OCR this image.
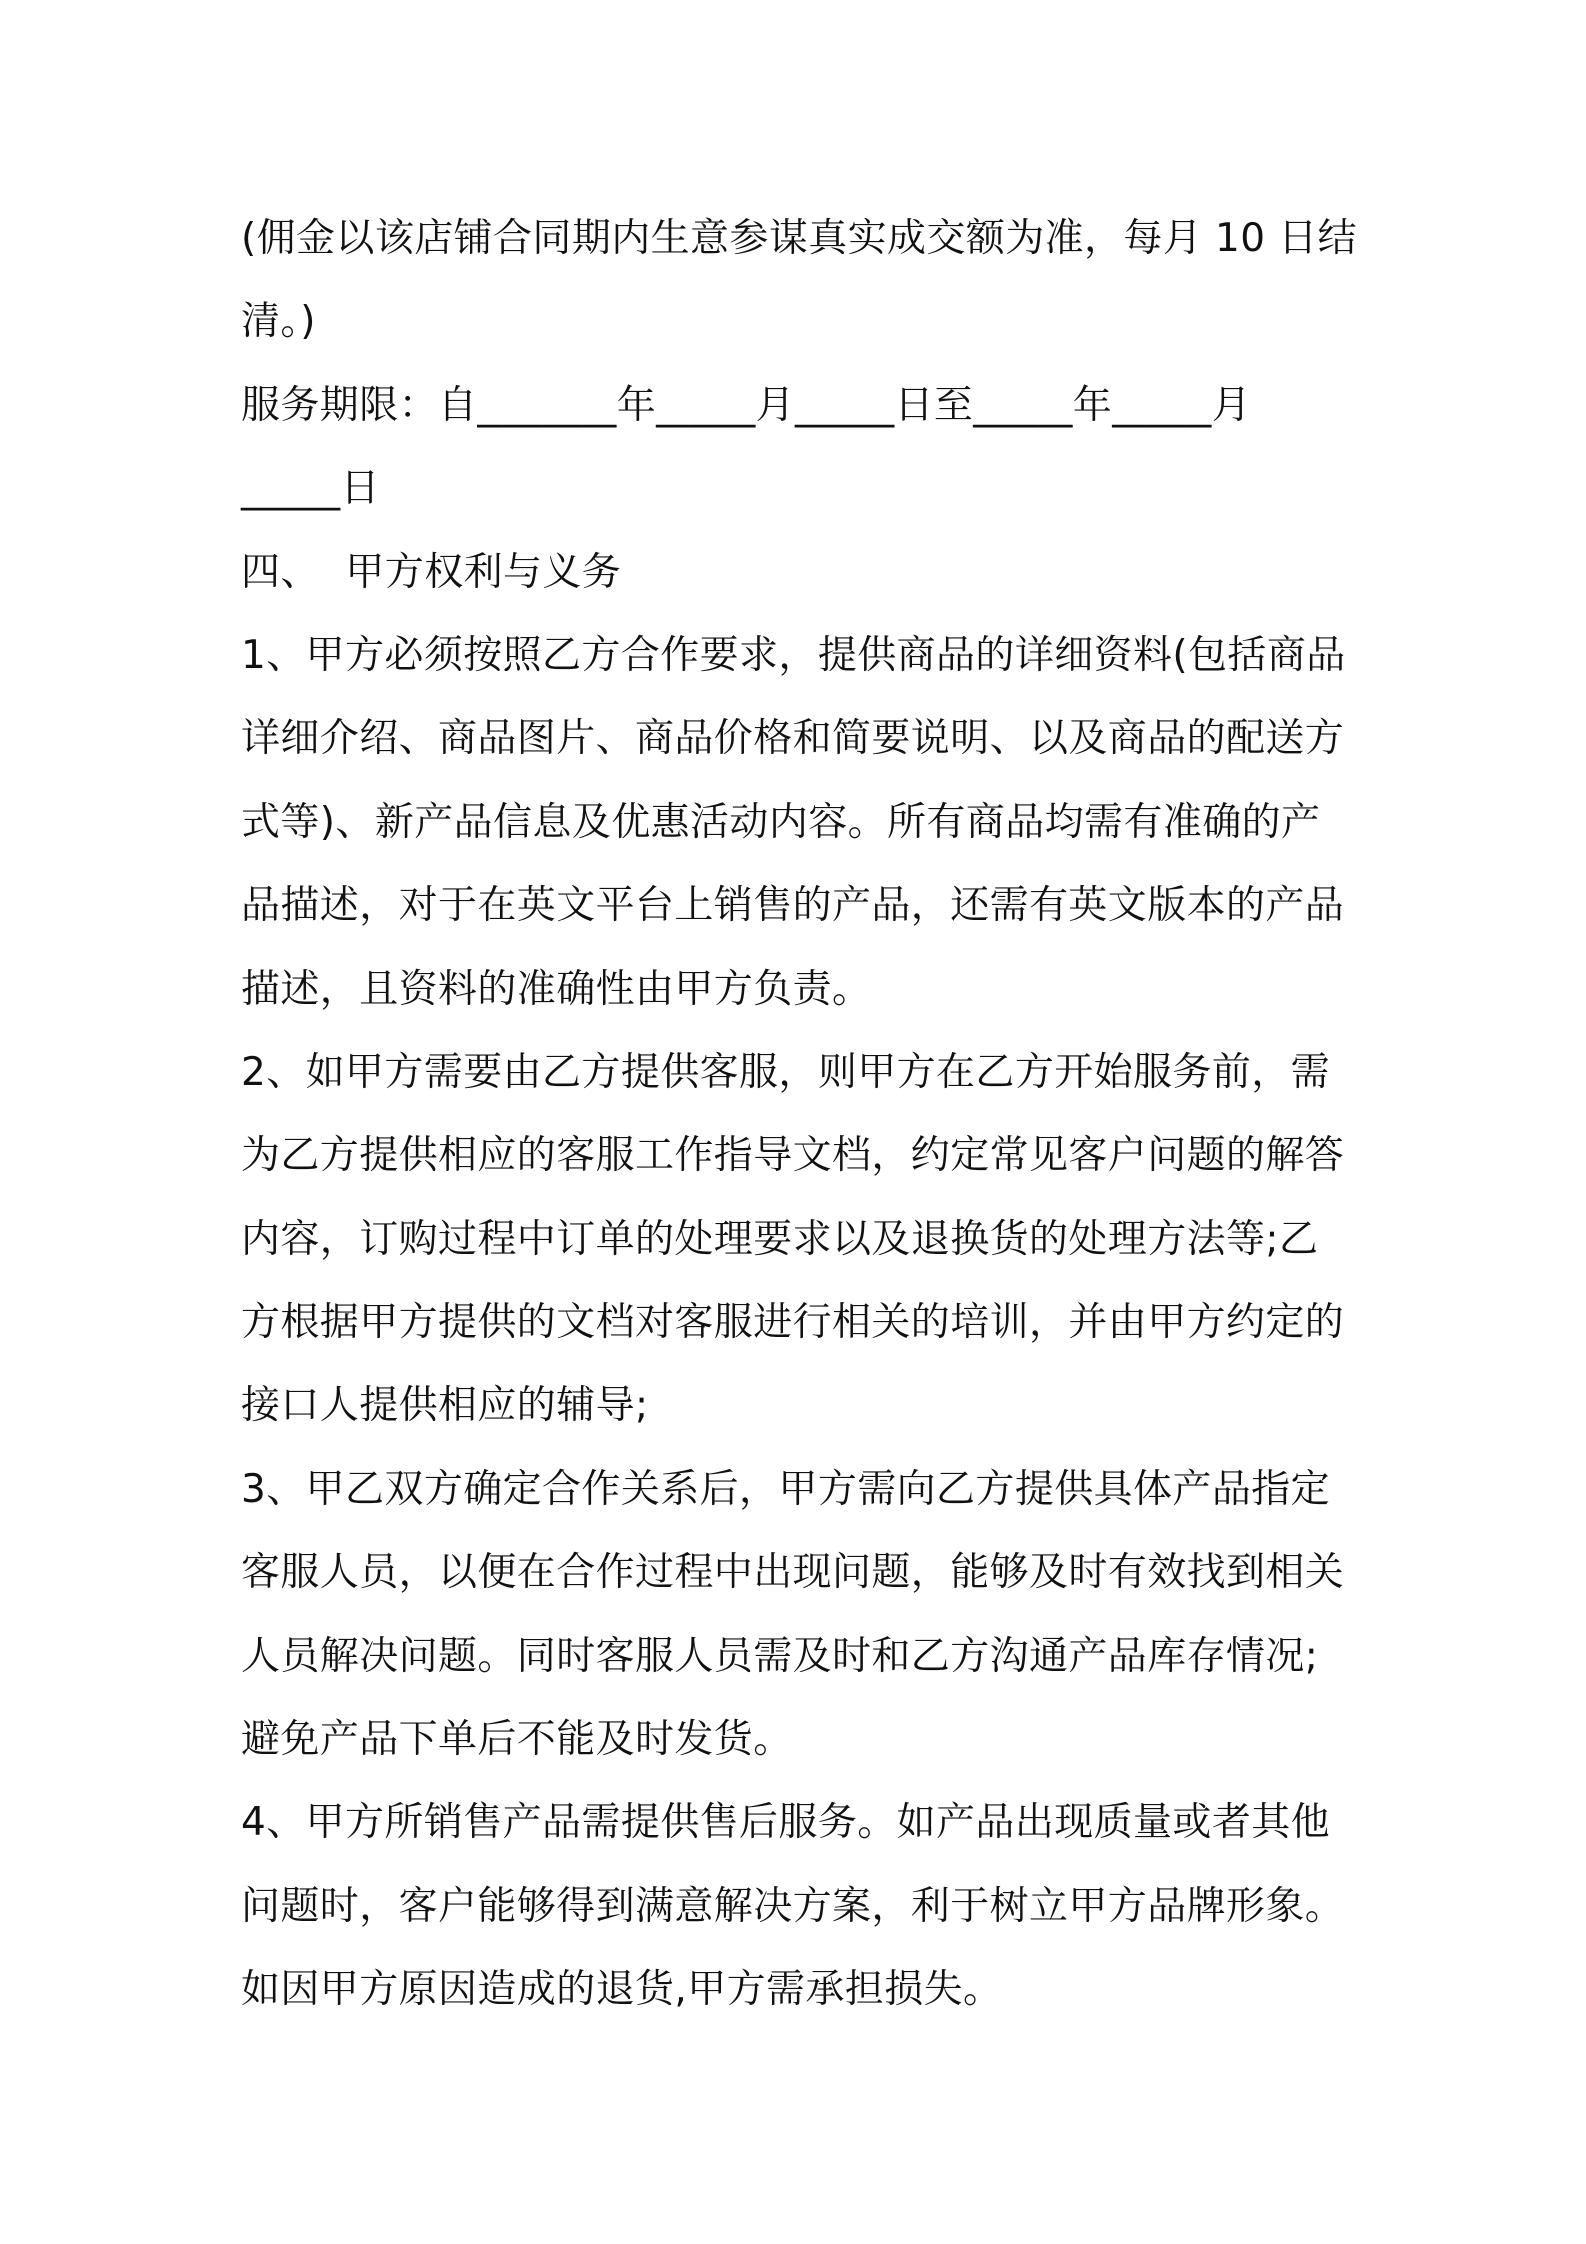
(佣金以该店铺合同期内生意参谋真实成交额为准，每月 10 日结

清。)

服务期限：自_______年_____月_____日至_____年_____月

_____日

四、  甲方权利与义务

1、甲方必须按照乙方合作要求，提供商品的详细资料(包括商品

详细介绍、商品图片、商品价格和简要说明、以及商品的配送方

式等)、新产品信息及优惠活动内容。所有商品均需有准确的产

品描述，对于在英文平台上销售的产品，还需有英文版本的产品

描述，且资料的准确性由甲方负责。

2、如甲方需要由乙方提供客服，则甲方在乙方开始服务前，需

为乙方提供相应的客服工作指导文档，约定常见客户问题的解答

内容，订购过程中订单的处理要求以及退换货的处理方法等;乙

方根据甲方提供的文档对客服进行相关的培训，并由甲方约定的

接口人提供相应的辅导;

3、甲乙双方确定合作关系后，甲方需向乙方提供具体产品指定

客服人员，以便在合作过程中出现问题，能够及时有效找到相关

人员解决问题。同时客服人员需及时和乙方沟通产品库存情况;

避免产品下单后不能及时发货。

4、甲方所销售产品需提供售后服务。如产品出现质量或者其他

问题时，客户能够得到满意解决方案，利于树立甲方品牌形象。

如因甲方原因造成的退货,甲方需承担损失。
